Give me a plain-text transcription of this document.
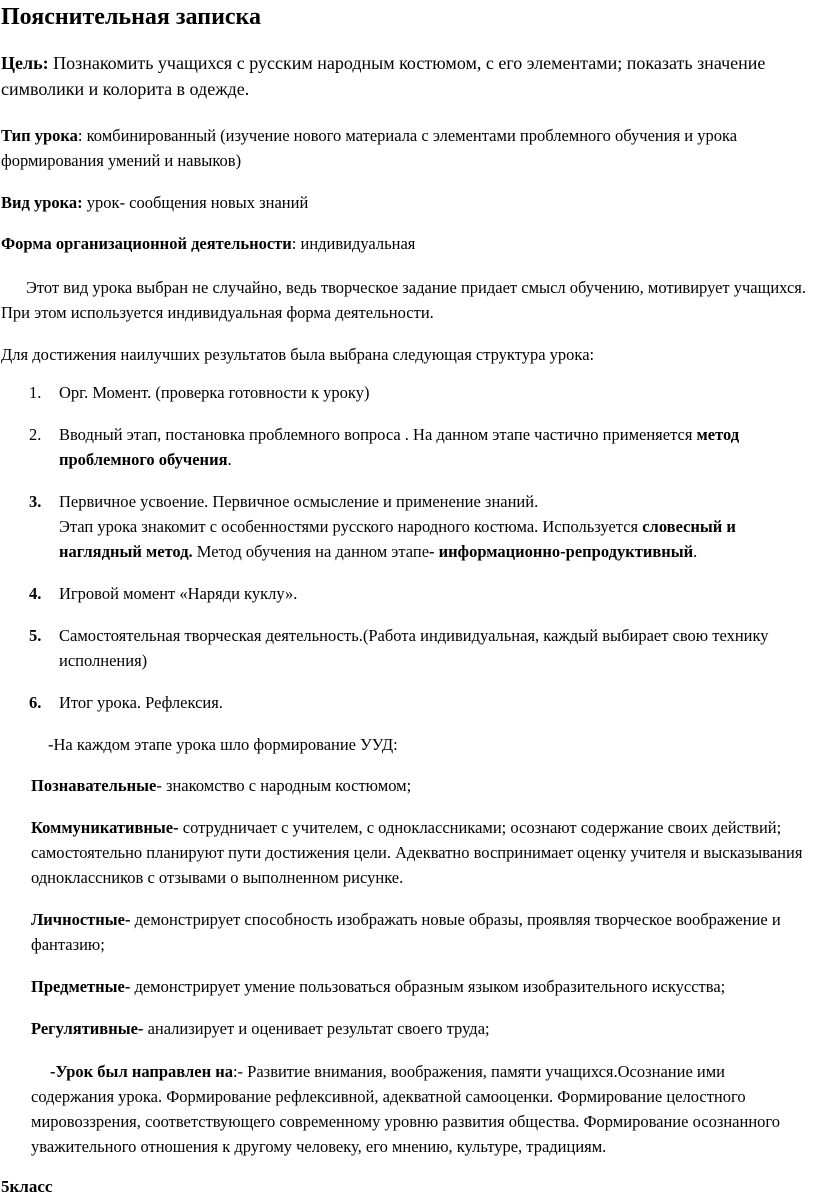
Пояснительная записка

Цель: Познакомить учащихся с русским народным костюмом, с его элементами; показать значение символики и колорита в одежде.

Тип урока: комбинированный (изучение нового материала с элементами проблемного обучения и урока формирования умений и навыков)

Вид урока: урок- сообщения новых знаний

Форма организационной деятельности: индивидуальная

Этот вид урока выбран не случайно, ведь творческое задание придает смысл обучению, мотивирует учащихся. При этом используется индивидуальная форма деятельности.

Для достижения наилучших результатов была выбрана следующая структура урока:

1. Орг. Момент. (проверка готовности к уроку)
2. Вводный этап, постановка проблемного вопроса . На данном этапе частично применяется метод проблемного обучения.
3. Первичное усвоение. Первичное осмысление и применение знаний.
Этап урока знакомит с особенностями русского народного костюма. Используется словесный и наглядный метод. Метод обучения на данном этапе- информационно-репродуктивный.
4. Игровой момент «Наряди куклу».
5. Самостоятельная творческая деятельность.(Работа индивидуальная, каждый выбирает свою технику исполнения)
6. Итог урока. Рефлексия.

-На каждом этапе урока шло формирование УУД:

Познавательные- знакомство с народным костюмом;

Коммуникативные- сотрудничает с учителем, с одноклассниками; осознают содержание своих действий; самостоятельно планируют пути достижения цели. Адекватно воспринимает оценку учителя и высказывания одноклассников с отзывами о выполненном рисунке.

Личностные- демонстрирует способность изображать новые образы, проявляя творческое воображение и фантазию;

Предметные- демонстрирует умение пользоваться образным языком изобразительного искусства;

Регулятивные- анализирует и оценивает результат своего труда;

-Урок был направлен на:- Развитие внимания, воображения, памяти учащихся.Осознание ими содержания урока. Формирование рефлексивной, адекватной самооценки. Формирование целостного мировоззрения, соответствующего современному уровню развития общества. Формирование осознанного уважительного отношения к другому человеку, его мнению, культуре, традициям.

5класс
